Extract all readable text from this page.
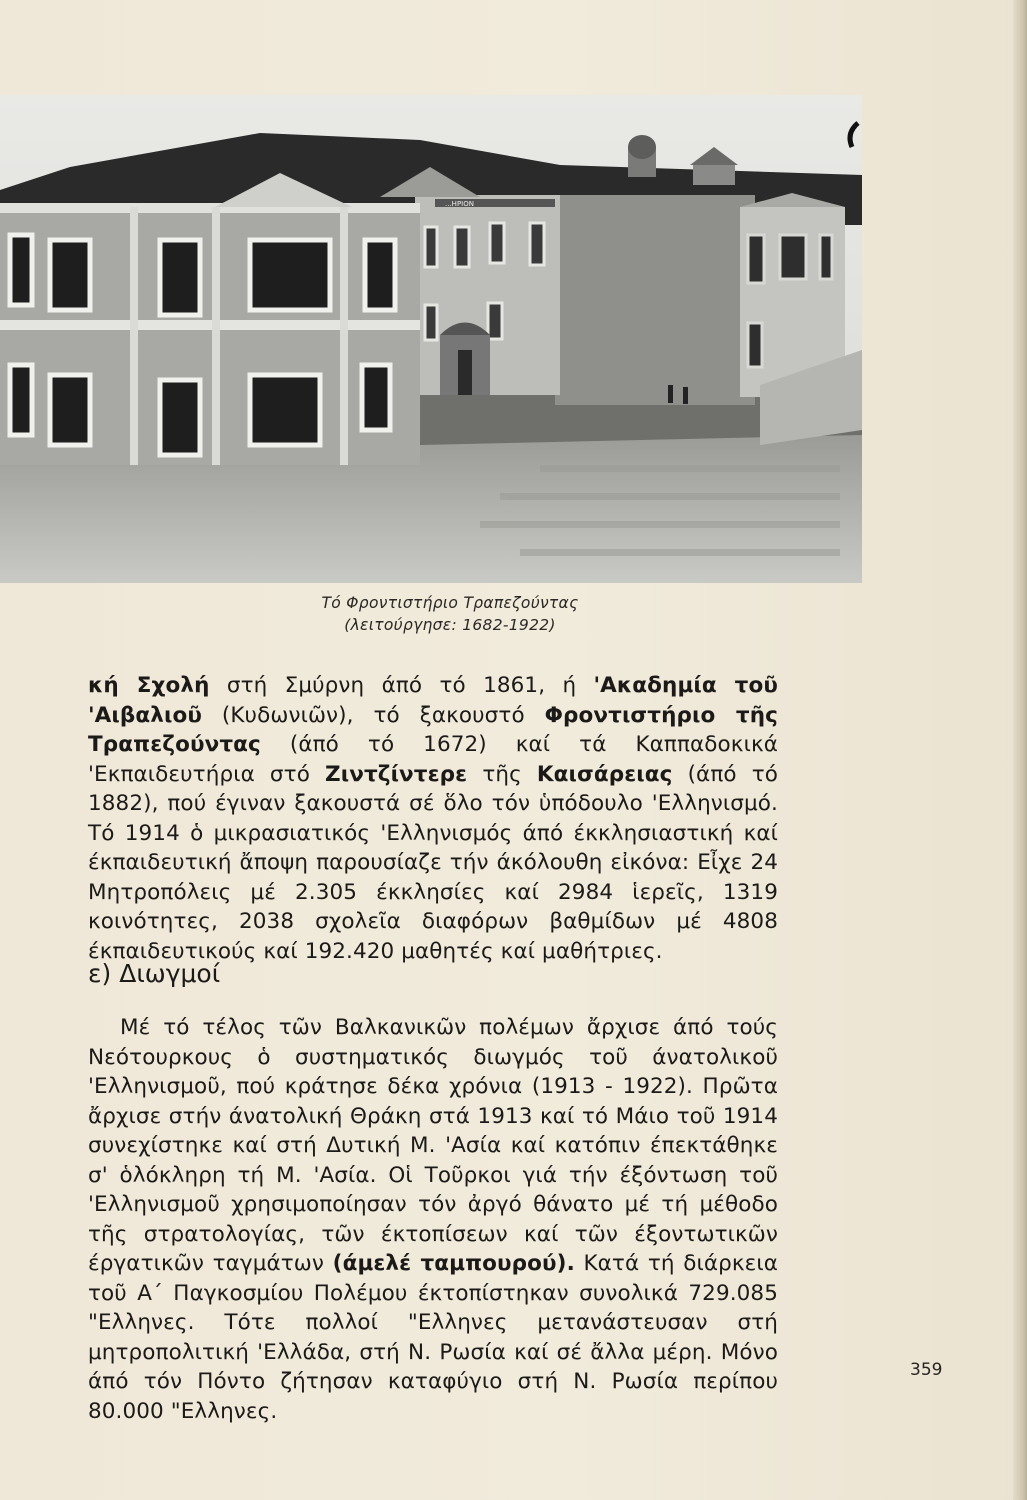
...ΗΡΙΟΝ
Τό Φροντιστήριο Τραπεζούντας
(λειτούργησε: 1682-1922)
κή Σχολή στή Σμύρνη άπό τό 1861, ή 'Ακαδημία τοῦ 'Αιβαλιοῦ (Κυδωνιῶν), τό ξακουστό Φροντιστήριο τῆς Τραπεζούντας (άπό τό 1672) καί τά Καππαδοκικά 'Εκπαιδευτήρια στό Ζιντζίντερε τῆς Καισάρειας (άπό τό 1882), πού έγιναν ξακουστά σέ ὅλο τόν ὑπόδουλο 'Ελληνισμό. Τό 1914 ὁ μικρασιατικός 'Ελληνισμός άπό έκκλησιαστική καί έκπαιδευτική ἄποψη παρουσίαζε τήν άκόλουθη εἰκόνα: Εἶχε 24 Μητροπόλεις μέ 2.305 έκκλησίες καί 2984 ἱερεῖς, 1319 κοινότητες, 2038 σχολεῖα διαφόρων βαθμίδων μέ 4808 έκπαιδευτικούς καί 192.420 μαθητές καί μαθήτριες.
ε) Διωγμοί
Μέ τό τέλος τῶν Βαλκανικῶν πολέμων ἄρχισε άπό τούς Νεότουρκους ὁ συστηματικός διωγμός τοῦ άνατολικοῦ 'Ελληνισμοῦ, πού κράτησε δέκα χρόνια (1913 - 1922). Πρῶτα ἄρχισε στήν άνατολική Θράκη στά 1913 καί τό Μάιο τοῦ 1914 συνεχίστηκε καί στή Δυτική Μ. 'Ασία καί κατόπιν έπεκτάθηκε σ' ὁλόκληρη τή Μ. 'Ασία. Οἱ Τοῦρκοι γιά τήν έξόντωση τοῦ 'Ελληνισμοῦ χρησιμοποίησαν τόν ἀργό θάνατο μέ τή μέθοδο τῆς στρατολογίας, τῶν έκτοπίσεων καί τῶν έξοντωτικῶν έργατικῶν ταγμάτων (άμελέ ταμπουρού). Κατά τή διάρκεια τοῦ Α΄ Παγκοσμίου Πολέμου έκτοπίστηκαν συνολικά 729.085 "Ελληνες. Τότε πολλοί "Ελληνες μετανάστευσαν στή μητροπολιτική 'Ελλάδα, στή Ν. Ρωσία καί σέ ἄλλα μέρη. Μόνο άπό τόν Πόντο ζήτησαν καταφύγιο στή Ν. Ρωσία περίπου 80.000 "Ελληνες.
359
